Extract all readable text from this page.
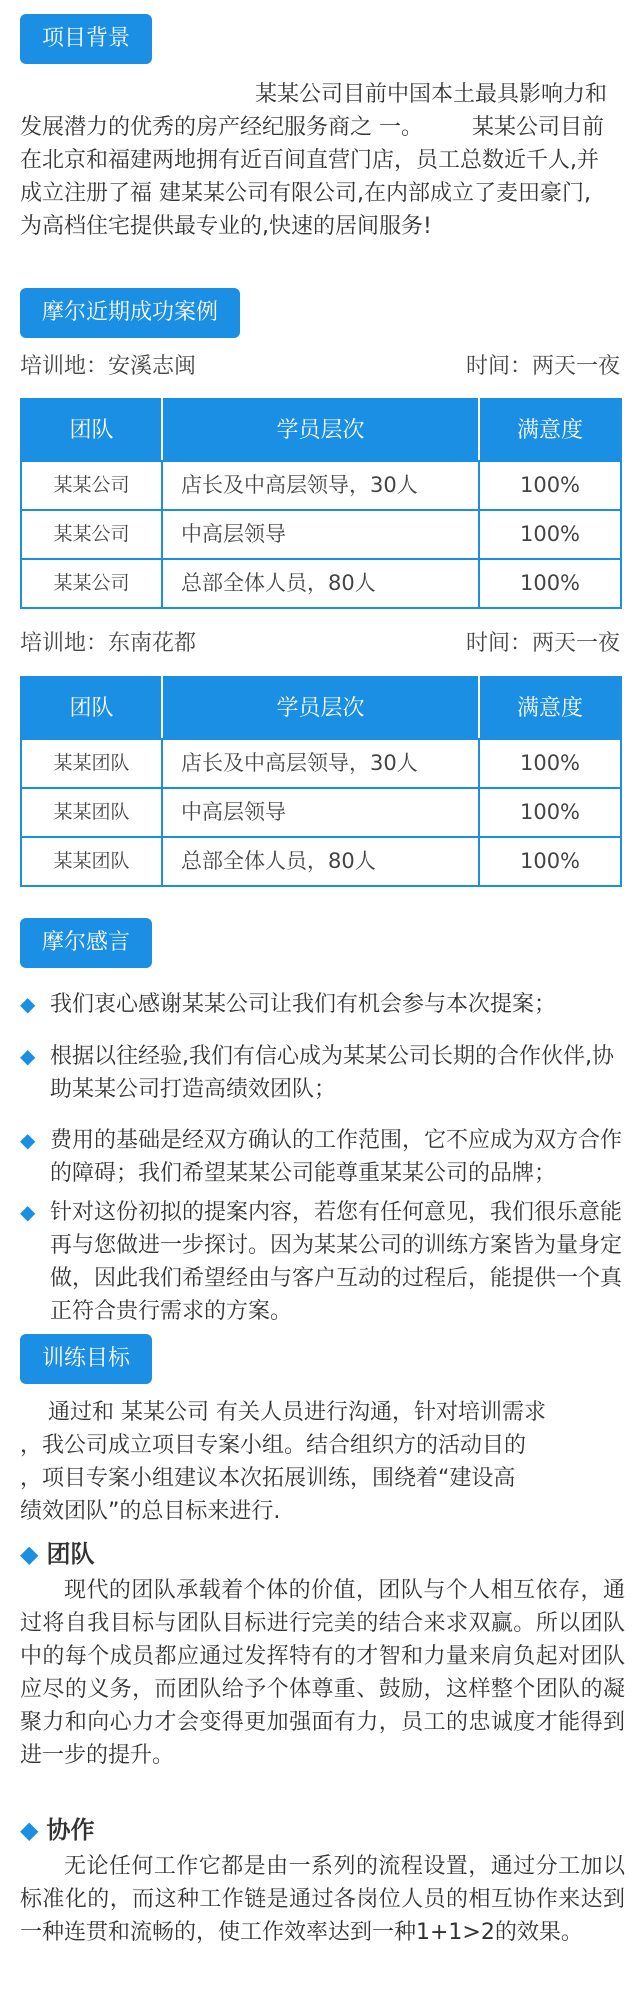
项目背景
某某公司目前中国本土最具影响力和
发展潜力的优秀的房产经纪服务商之 一。       某某公司目前
在北京和福建两地拥有近百间直营门店，员工总数近千人,并
成立注册了福 建某某公司有限公司,在内部成立了麦田豪门,
为高档住宅提供最专业的,快速的居间服务!
摩尔近期成功案例
培训地：安溪志闽	时间：两天一夜
团队	学员层次	满意度
某某公司	店长及中高层领导，30人	100%
某某公司	中高层领导	100%
某某公司	总部全体人员，80人	100%
培训地：东南花都	时间：两天一夜
团队	学员层次	满意度
某某团队	店长及中高层领导，30人	100%
某某团队	中高层领导	100%
某某团队	总部全体人员，80人	100%
摩尔感言
◆ 我们衷心感谢某某公司让我们有机会参与本次提案；
◆ 根据以往经验,我们有信心成为某某公司长期的合作伙伴,协助某某公司打造高绩效团队；
◆ 费用的基础是经双方确认的工作范围，它不应成为双方合作的障碍；我们希望某某公司能尊重某某公司的品牌；
◆ 针对这份初拟的提案内容，若您有任何意见，我们很乐意能再与您做进一步探讨。因为某某公司的训练方案皆为量身定做，因此我们希望经由与客户互动的过程后，能提供一个真正符合贵行需求的方案。
训练目标
通过和 某某公司 有关人员进行沟通，针对培训需求
，我公司成立项目专案小组。结合组织方的活动目的
，项目专案小组建议本次拓展训练，围绕着“建设高
绩效团队”的总目标来进行.
◆ 团队
现代的团队承载着个体的价值，团队与个人相互依存，通过将自我目标与团队目标进行完美的结合来求双赢。所以团队中的每个成员都应通过发挥特有的才智和力量来肩负起对团队应尽的义务，而团队给予个体尊重、鼓励，这样整个团队的凝聚力和向心力才会变得更加强面有力，员工的忠诚度才能得到进一步的提升。
◆ 协作
无论任何工作它都是由一系列的流程设置，通过分工加以标准化的，而这种工作链是通过各岗位人员的相互协作来达到一种连贯和流畅的，使工作效率达到一种1+1>2的效果。
